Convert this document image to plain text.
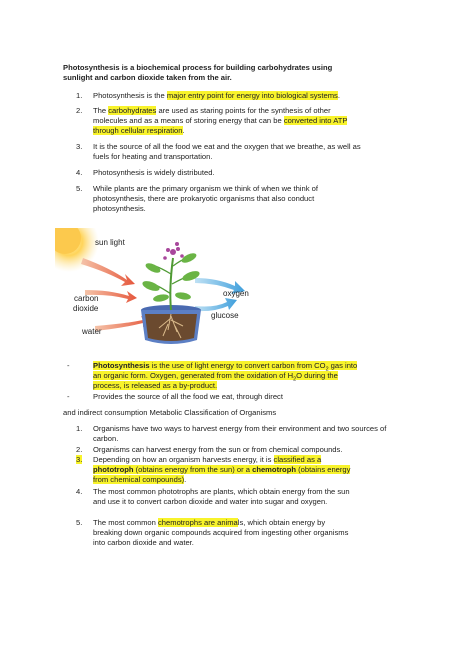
Photosynthesis is a biochemical process for building carbohydrates using sunlight and carbon dioxide taken from the air.
1.	Photosynthesis is the major entry point for energy into biological systems.
2.	The carbohydrates are used as staring points for the synthesis of other molecules and as a means of storing energy that can be converted into ATP through cellular respiration.
3.	It is the source of all the food we eat and the oxygen that we breathe, as well as fuels for heating and transportation.
4.	Photosynthesis is widely distributed.
5.	While plants are the primary organism we think of when we think of photosynthesis, there are prokaryotic organisms that also conduct photosynthesis.
sun light
carbon
dioxide
water
oxygen
glucose
-	Photosynthesis is the use of light energy to convert carbon from $CO_2$ gas into an organic form. Oxygen, generated from the oxidation of $H_2O$ during the process, is released as a by-product.
-	Provides the source of all the food we eat, through direct
and indirect consumption Metabolic Classification of Organisms
1.	Organisms have two ways to harvest energy from their environment and two sources of carbon.
2.	Organisms can harvest energy from the sun or from chemical compounds.
3.	Depending on how an organism harvests energy, it is classified as a phototroph (obtains energy from the sun) or a chemotroph (obtains energy from chemical compounds).
4.	The most common phototrophs are plants, which obtain energy from the sun and use it to convert carbon dioxide and water into sugar and oxygen.
5.	The most common chemotrophs are animals, which obtain energy by breaking down organic compounds acquired from ingesting other organisms into carbon dioxide and water.
